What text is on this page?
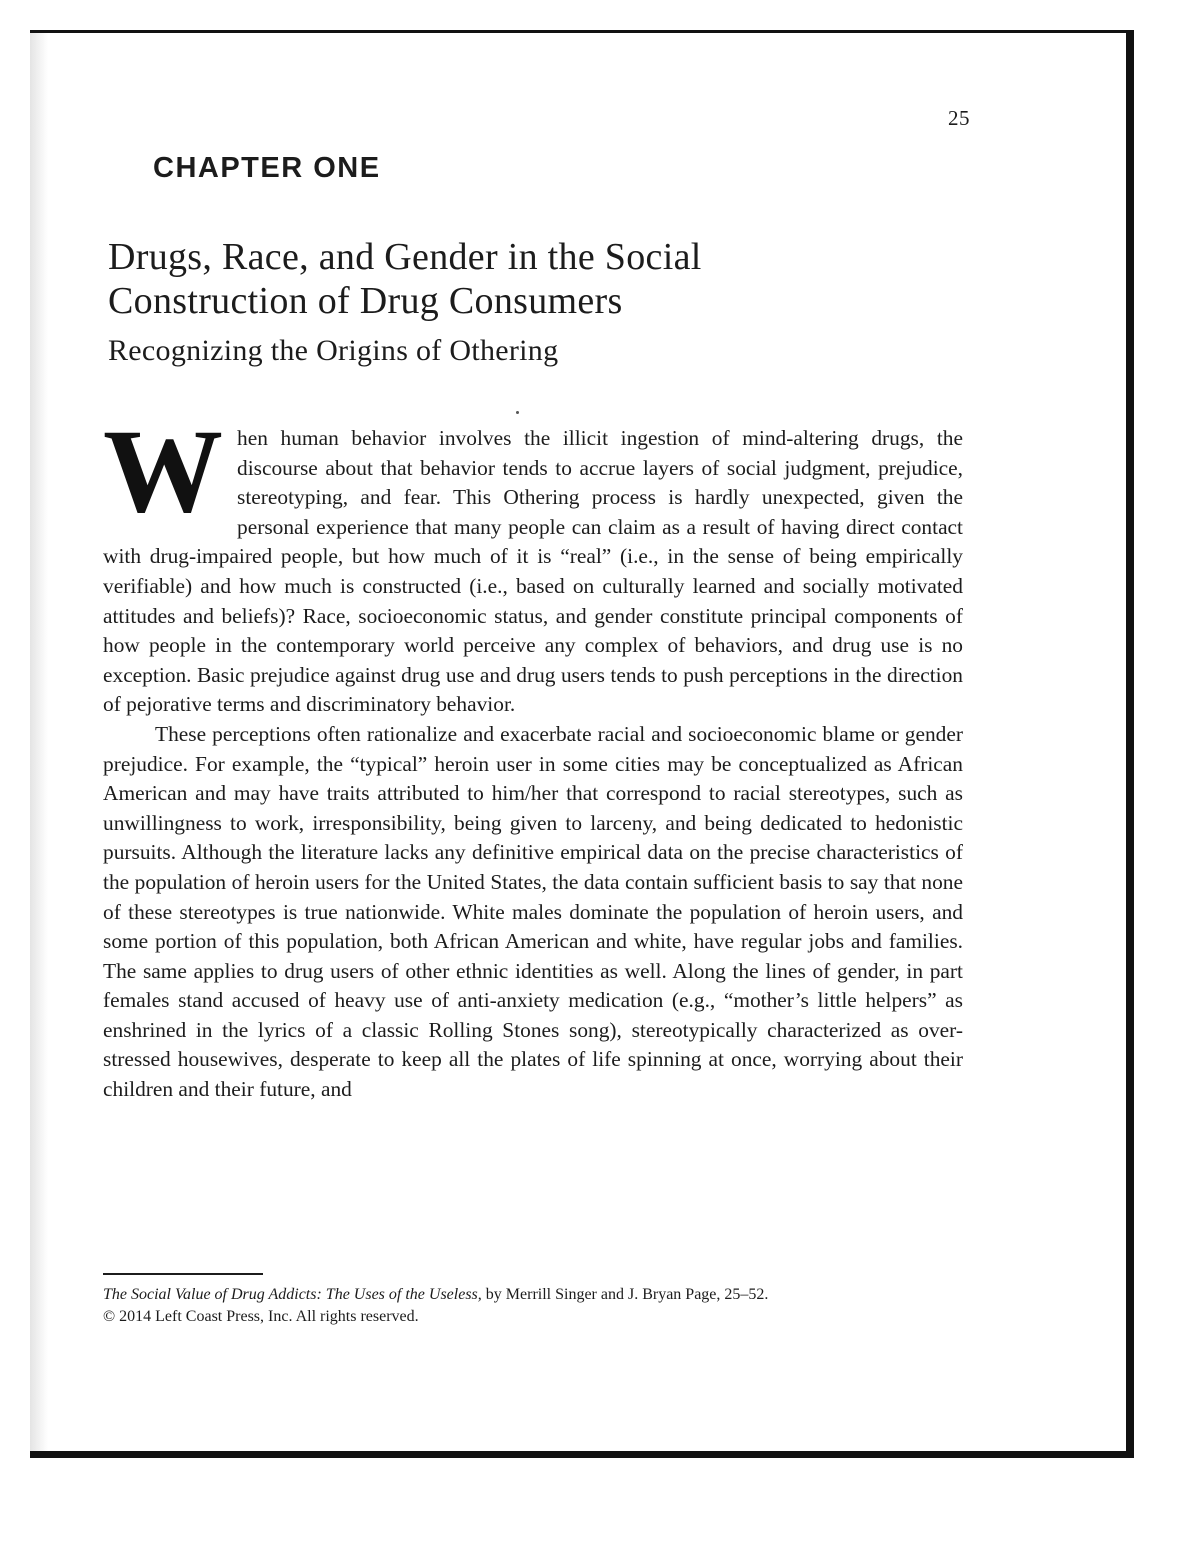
25
CHAPTER ONE
Drugs, Race, and Gender in the Social
Construction of Drug Consumers
Recognizing the Origins of Othering

When human behavior involves the illicit ingestion of mind-altering drugs, the discourse about that behavior tends to accrue layers of social judgment, prejudice, stereotyping, and fear. This Othering process is hardly unexpected, given the personal experience that many people can claim as a result of having direct contact with drug-impaired people, but how much of it is “real” (i.e., in the sense of being empirically verifiable) and how much is constructed (i.e., based on culturally learned and socially motivated attitudes and beliefs)? Race, socioeconomic status, and gender constitute principal components of how people in the contemporary world perceive any complex of behaviors, and drug use is no exception. Basic prejudice against drug use and drug users tends to push perceptions in the direction of pejorative terms and discriminatory behavior.

These perceptions often rationalize and exacerbate racial and socioeconomic blame or gender prejudice. For example, the “typical” heroin user in some cities may be conceptualized as African American and may have traits attributed to him/her that correspond to racial stereotypes, such as unwillingness to work, irresponsibility, being given to larceny, and being dedicated to hedonistic pursuits. Although the literature lacks any definitive empirical data on the precise characteristics of the population of heroin users for the United States, the data contain sufficient basis to say that none of these stereotypes is true nationwide. White males dominate the population of heroin users, and some portion of this population, both African American and white, have regular jobs and families. The same applies to drug users of other ethnic identities as well. Along the lines of gender, in part females stand accused of heavy use of anti-anxiety medication (e.g., “mother’s little helpers” as enshrined in the lyrics of a classic Rolling Stones song), stereotypically characterized as over-stressed housewives, desperate to keep all the plates of life spinning at once, worrying about their children and their future, and

The Social Value of Drug Addicts: The Uses of the Useless, by Merrill Singer and J. Bryan Page, 25–52.
© 2014 Left Coast Press, Inc. All rights reserved.
